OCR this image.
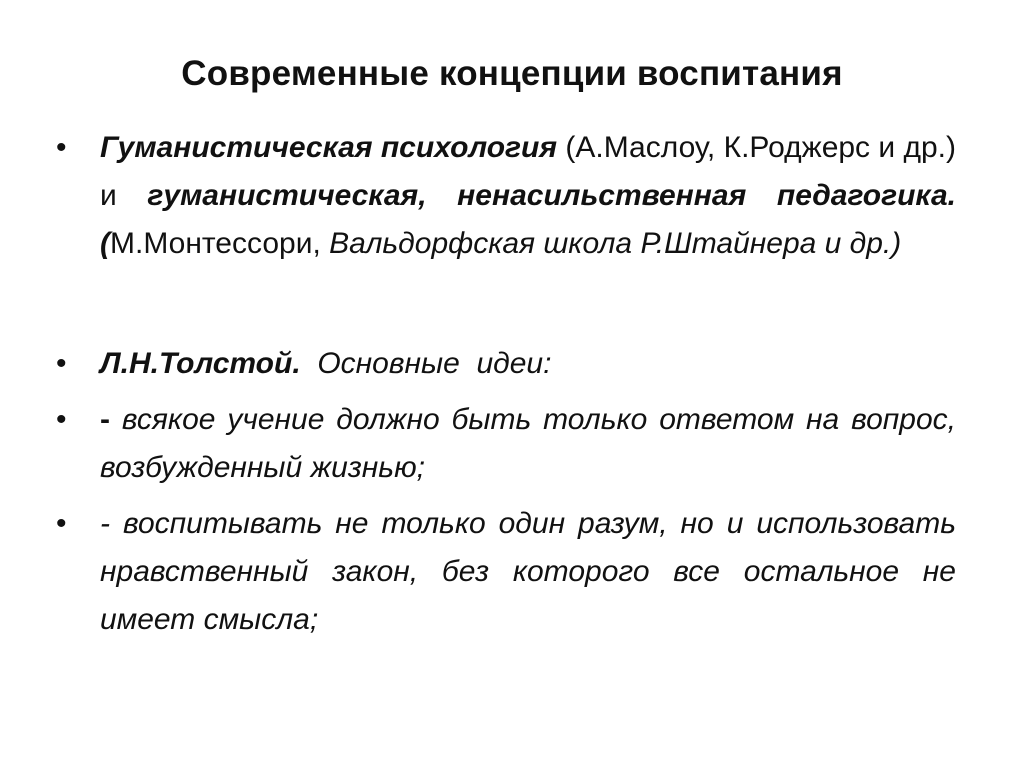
Современные концепции воспитания
•	Гуманистическая психология (А.Маслоу, К.Роджерс и др.) и гуманистическая, ненасильственная педагогика. (М.Монтессори, Вальдорфская школа Р.Штайнера и др.)
•	Л.Н.Толстой.  Основные  идеи:
•	- всякое учение должно быть только ответом на вопрос, возбужденный жизнью;
•	- воспитывать не только один разум, но и использовать нравственный закон, без которого все остальное не имеет смысла;
